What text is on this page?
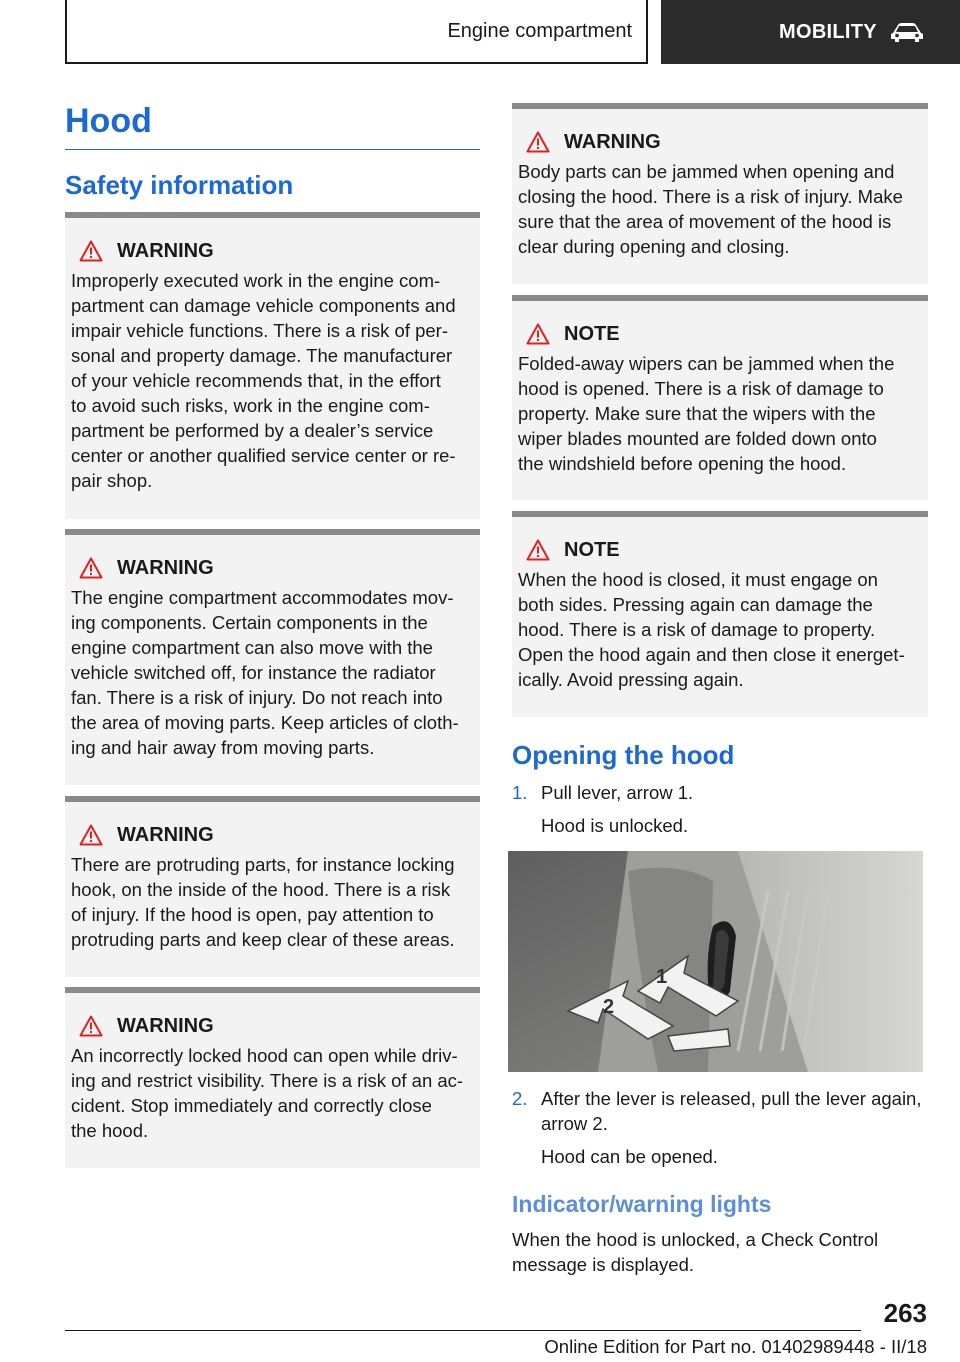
Engine compartment	MOBILITY
Hood
Safety information
WARNING
Improperly executed work in the engine com-
partment can damage vehicle components and
impair vehicle functions. There is a risk of per-
sonal and property damage. The manufacturer
of your vehicle recommends that, in the effort
to avoid such risks, work in the engine com-
partment be performed by a dealer’s service
center or another qualified service center or re-
pair shop.
WARNING
The engine compartment accommodates mov-
ing components. Certain components in the
engine compartment can also move with the
vehicle switched off, for instance the radiator
fan. There is a risk of injury. Do not reach into
the area of moving parts. Keep articles of cloth-
ing and hair away from moving parts.
WARNING
There are protruding parts, for instance locking
hook, on the inside of the hood. There is a risk
of injury. If the hood is open, pay attention to
protruding parts and keep clear of these areas.
WARNING
An incorrectly locked hood can open while driv-
ing and restrict visibility. There is a risk of an ac-
cident. Stop immediately and correctly close
the hood.
WARNING
Body parts can be jammed when opening and
closing the hood. There is a risk of injury. Make
sure that the area of movement of the hood is
clear during opening and closing.
NOTE
Folded-away wipers can be jammed when the
hood is opened. There is a risk of damage to
property. Make sure that the wipers with the
wiper blades mounted are folded down onto
the windshield before opening the hood.
NOTE
When the hood is closed, it must engage on
both sides. Pressing again can damage the
hood. There is a risk of damage to property.
Open the hood again and then close it energet-
ically. Avoid pressing again.
Opening the hood
1. Pull lever, arrow 1.
Hood is unlocked.
2
1
2. After the lever is released, pull the lever again,
arrow 2.
Hood can be opened.
Indicator/warning lights
When the hood is unlocked, a Check Control
message is displayed.
263
Online Edition for Part no. 01402989448 - II/18
